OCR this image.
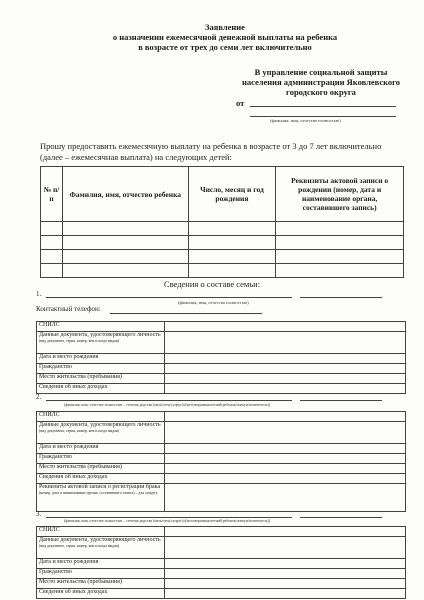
Заявление
о назначении ежемесячной денежной выплаты на ребенка
в возрасте от трех до семи лет включительно
В управление социальной защиты
населения администрации Яковлевского
городского округа
от
(фамилия, имя, отчество полностью)
Прошу предоставить ежемесячную выплату на ребенка в возрасте от 3 до 7 лет включительно
(далее – ежемесячная выплата) на следующих детей:
№ п/п	Фамилия, имя, отчество ребенка	Число, месяц и год рождения	Реквизиты актовой записи о рождении (номер, дата и наименование органа, составившего запись)

Сведения о составе семьи:
1.
(фамилия, имя, отчество полностью)
Контактный телефон:
СНИЛС	
Данные документа, удостоверяющего личность (вид документа, серия, номер, кем и когда выдан)	
Дата и место рождения	
Гражданство	
Место жительства (пребывания)	
Сведения об иных доходах	
2.
(фамилия, имя, отчество полностью – степень родства (мать/отец/супруг(а)/несовершеннолетний ребенок/опекун/попечитель))
СНИЛС	
Данные документа, удостоверяющего личность (вид документа, серия, номер, кем и когда выдан)	
Дата и место рождения	
Гражданство	
Место жительства (пребывания)	
Сведения об иных доходах	
Реквизиты актовой записи о регистрации брака (номер, дата и наименование органа, составившего запись) – для супруга	
3.
(фамилия, имя, отчество полностью – степень родства (мать/отец/супруг(а)/несовершеннолетний ребенок/опекун/попечитель))
СНИЛС	
Данные документа, удостоверяющего личность (вид документа, серия, номер, кем и когда выдан)	
Дата и место рождения	
Гражданство	
Место жительства (пребывания)	
Сведения об иных доходах	
